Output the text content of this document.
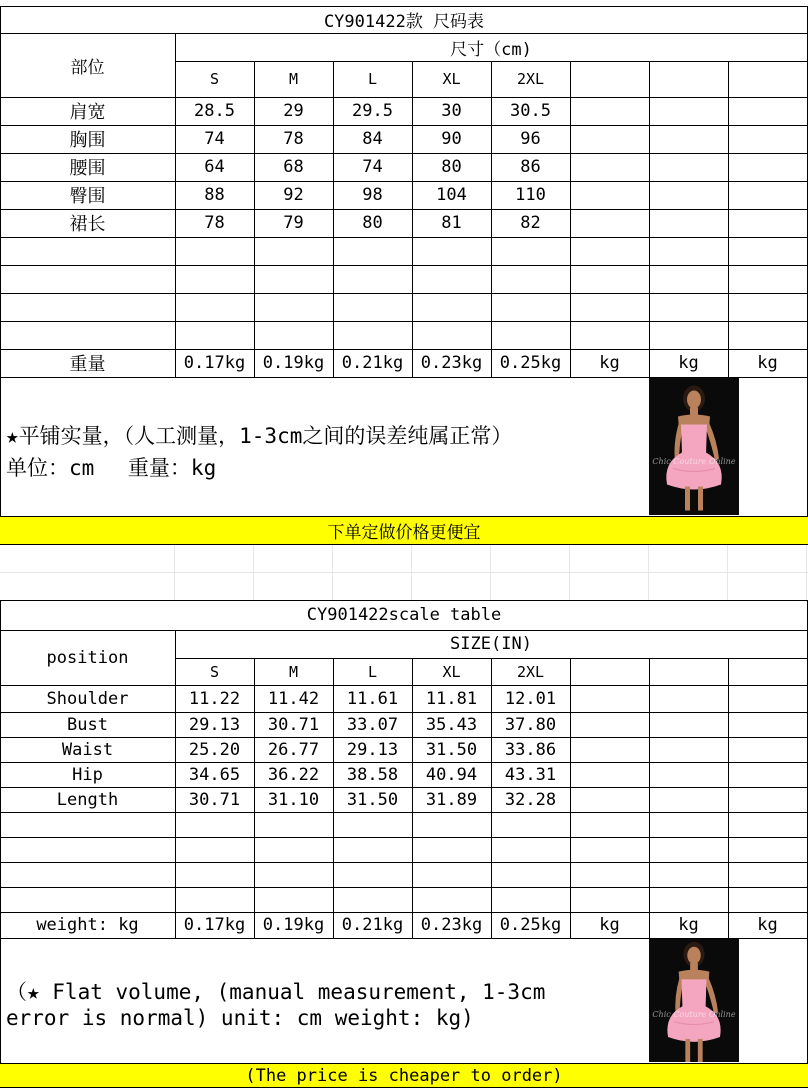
CY901422款 尺码表
部位
尺寸（cm)
S	M	L	XL	2XL
肩宽	28.5	29	29.5	30	30.5
胸围	74	78	84	90	96
腰围	64	68	74	80	86
臀围	88	92	98	104	110
裙长	78	79	80	81	82
重量	0.17kg	0.19kg	0.21kg	0.23kg	0.25kg	kg	kg	kg
★平铺实量，（人工测量，1-3cm之间的误差纯属正常）
单位：cm　 重量：kg	Chic Couture Online
下单定做价格更便宜
CY901422scale table
position
SIZE(IN)
S	M	L	XL	2XL
Shoulder	11.22	11.42	11.61	11.81	12.01
Bust	29.13	30.71	33.07	35.43	37.80
Waist	25.20	26.77	29.13	31.50	33.86
Hip	34.65	36.22	38.58	40.94	43.31
Length	30.71	31.10	31.50	31.89	32.28
weight: kg	0.17kg	0.19kg	0.21kg	0.23kg	0.25kg	kg	kg	kg
（★ Flat volume, (manual measurement, 1-3cm
error is normal) unit: cm weight: kg)	Chic Couture Online
(The price is cheaper to order)
